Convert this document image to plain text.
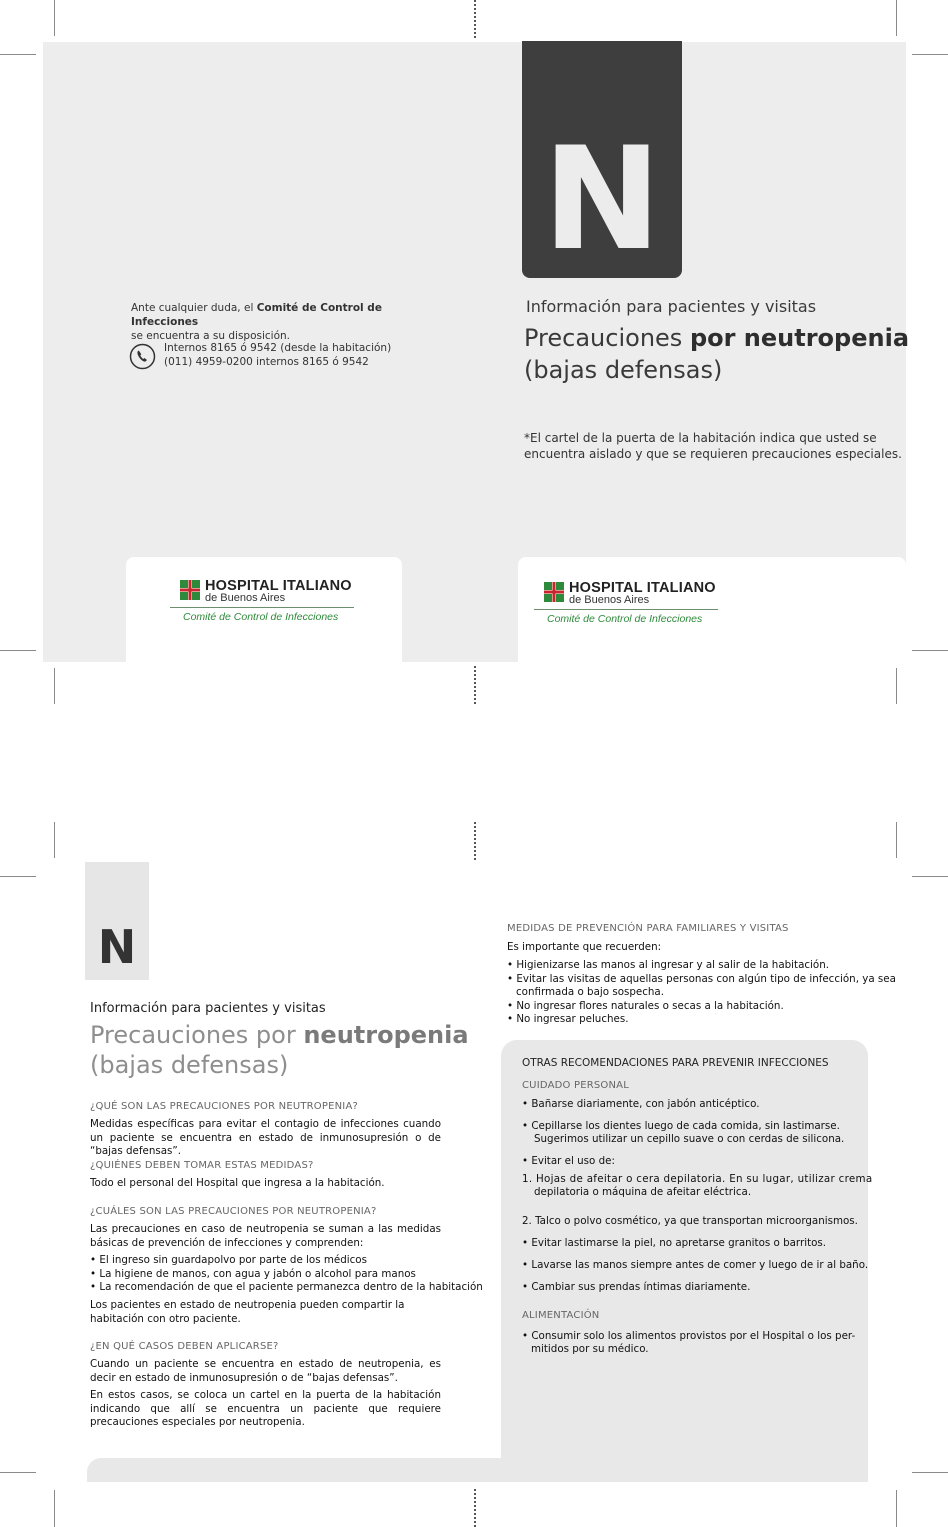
N
Ante cualquier duda, el Comité de Control de Infecciones
se encuentra a su disposición.
Internos 8165 ó 9542 (desde la habitación)
(011) 4959-0200 internos 8165 ó 9542
Información para pacientes y visitas
Precauciones por neutropenia
(bajas defensas)
*El cartel de la puerta de la habitación indica que usted se
encuentra aislado y que se requieren precauciones especiales.
HOSPITAL ITALIANO
de Buenos Aires
Comité de Control de Infecciones
HOSPITAL ITALIANO
de Buenos Aires
Comité de Control de Infecciones
N
Información para pacientes y visitas
Precauciones por neutropenia
(bajas defensas)
¿QUÉ SON LAS PRECAUCIONES POR NEUTROPENIA?
Medidas específicas para evitar el contagio de infecciones cuando un paciente se encuentra en estado de inmunosupresión o de “bajas defensas”.
¿QUIÉNES DEBEN TOMAR ESTAS MEDIDAS?
Todo el personal del Hospital que ingresa a la habitación.
¿CUÁLES SON LAS PRECAUCIONES POR NEUTROPENIA?
Las precauciones en caso de neutropenia se suman a las medidas básicas de prevención de infecciones y comprenden:
• El ingreso sin guardapolvo por parte de los médicos
• La higiene de manos, con agua y jabón o alcohol para manos
• La recomendación de que el paciente permanezca dentro de la habitación
Los pacientes en estado de neutropenia pueden compartir la habitación con otro paciente.
¿EN QUÉ CASOS DEBEN APLICARSE?
Cuando un paciente se encuentra en estado de neutropenia, es decir en estado de inmunosupresión o de “bajas defensas”.
En estos casos, se coloca un cartel en la puerta de la habitación indicando que allí se encuentra un paciente que requiere precauciones especiales por neutropenia.
MEDIDAS DE PREVENCIÓN PARA FAMILIARES Y VISITAS
Es importante que recuerden:
• Higienizarse las manos al ingresar y al salir de la habitación.
• Evitar las visitas de aquellas personas con algún tipo de infección, ya sea
confirmada o bajo sospecha.
• No ingresar flores naturales o secas a la habitación.
• No ingresar peluches.
OTRAS RECOMENDACIONES PARA PREVENIR INFECCIONES
CUIDADO PERSONAL
• Bañarse diariamente, con jabón anticéptico.
• Cepillarse los dientes luego de cada comida, sin lastimarse.
Sugerimos utilizar un cepillo suave o con cerdas de silicona.
• Evitar el uso de:
1. Hojas de afeitar o cera depilatoria. En su lugar, utilizar crema
depilatoria o máquina de afeitar eléctrica.
2. Talco o polvo cosmético, ya que transportan microorganismos.
• Evitar lastimarse la piel, no apretarse granitos o barritos.
• Lavarse las manos siempre antes de comer y luego de ir al baño.
• Cambiar sus prendas íntimas diariamente.
ALIMENTACIÓN
• Consumir solo los alimentos provistos por el Hospital o los per-
mitidos por su médico.
